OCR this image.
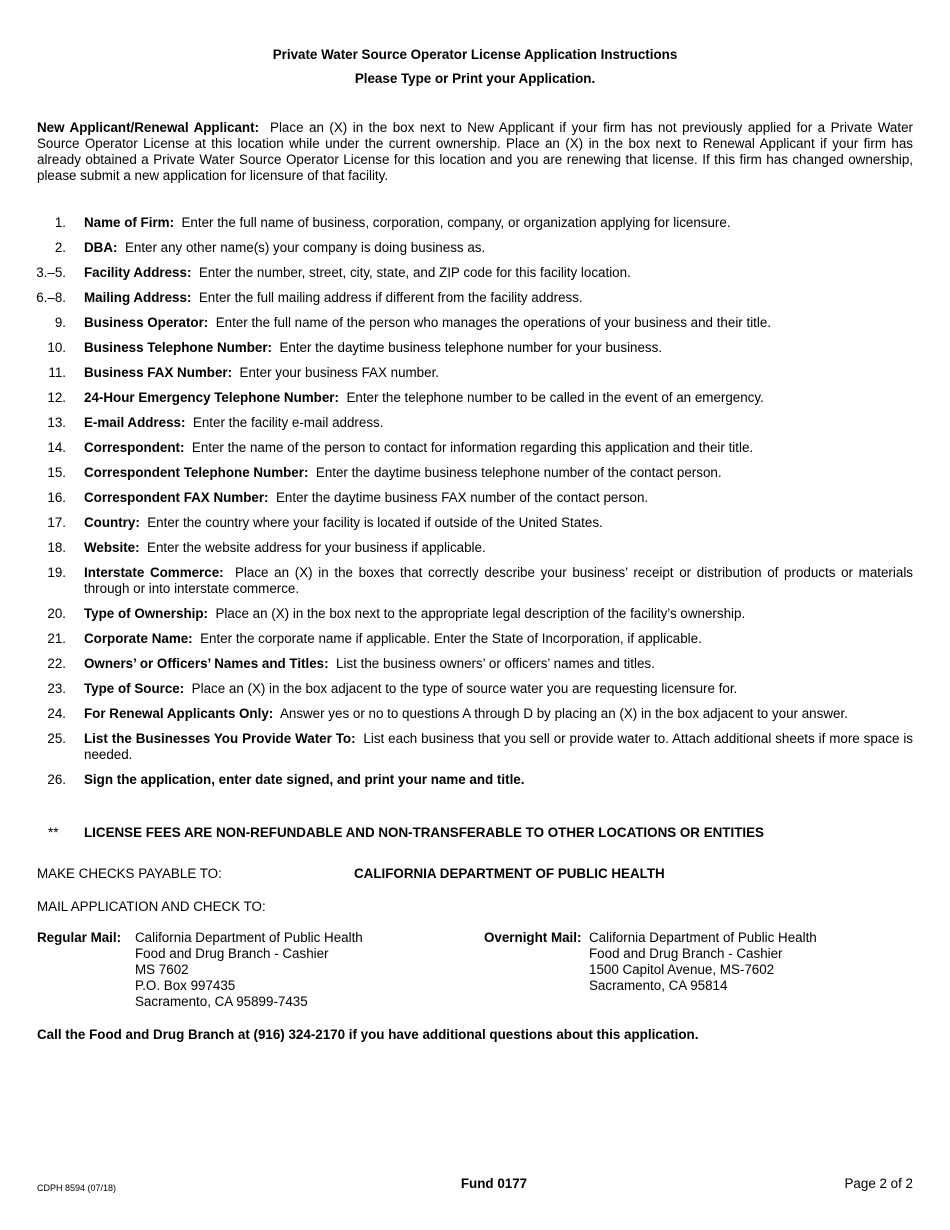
Private Water Source Operator License Application Instructions
Please Type or Print your Application.
New Applicant/Renewal Applicant: Place an (X) in the box next to New Applicant if your firm has not previously applied for a Private Water Source Operator License at this location while under the current ownership. Place an (X) in the box next to Renewal Applicant if your firm has already obtained a Private Water Source Operator License for this location and you are renewing that license. If this firm has changed ownership, please submit a new application for licensure of that facility.
1. Name of Firm: Enter the full name of business, corporation, company, or organization applying for licensure.
2. DBA: Enter any other name(s) your company is doing business as.
3.–5. Facility Address: Enter the number, street, city, state, and ZIP code for this facility location.
6.–8. Mailing Address: Enter the full mailing address if different from the facility address.
9. Business Operator: Enter the full name of the person who manages the operations of your business and their title.
10. Business Telephone Number: Enter the daytime business telephone number for your business.
11. Business FAX Number: Enter your business FAX number.
12. 24-Hour Emergency Telephone Number: Enter the telephone number to be called in the event of an emergency.
13. E-mail Address: Enter the facility e-mail address.
14. Correspondent: Enter the name of the person to contact for information regarding this application and their title.
15. Correspondent Telephone Number: Enter the daytime business telephone number of the contact person.
16. Correspondent FAX Number: Enter the daytime business FAX number of the contact person.
17. Country: Enter the country where your facility is located if outside of the United States.
18. Website: Enter the website address for your business if applicable.
19. Interstate Commerce: Place an (X) in the boxes that correctly describe your business’ receipt or distribution of products or materials through or into interstate commerce.
20. Type of Ownership: Place an (X) in the box next to the appropriate legal description of the facility’s ownership.
21. Corporate Name: Enter the corporate name if applicable. Enter the State of Incorporation, if applicable.
22. Owners’ or Officers’ Names and Titles: List the business owners’ or officers’ names and titles.
23. Type of Source: Place an (X) in the box adjacent to the type of source water you are requesting licensure for.
24. For Renewal Applicants Only: Answer yes or no to questions A through D by placing an (X) in the box adjacent to your answer.
25. List the Businesses You Provide Water To: List each business that you sell or provide water to. Attach additional sheets if more space is needed.
26. Sign the application, enter date signed, and print your name and title.

** LICENSE FEES ARE NON-REFUNDABLE AND NON-TRANSFERABLE TO OTHER LOCATIONS OR ENTITIES
MAKE CHECKS PAYABLE TO:	CALIFORNIA DEPARTMENT OF PUBLIC HEALTH
MAIL APPLICATION AND CHECK TO:
Regular Mail: California Department of Public Health
Food and Drug Branch - Cashier
MS 7602
P.O. Box 997435
Sacramento, CA 95899-7435
Overnight Mail: California Department of Public Health
Food and Drug Branch - Cashier
1500 Capitol Avenue, MS-7602
Sacramento, CA 95814
Call the Food and Drug Branch at (916) 324-2170 if you have additional questions about this application.
CDPH 8594 (07/18)	Fund 0177	Page 2 of 2
